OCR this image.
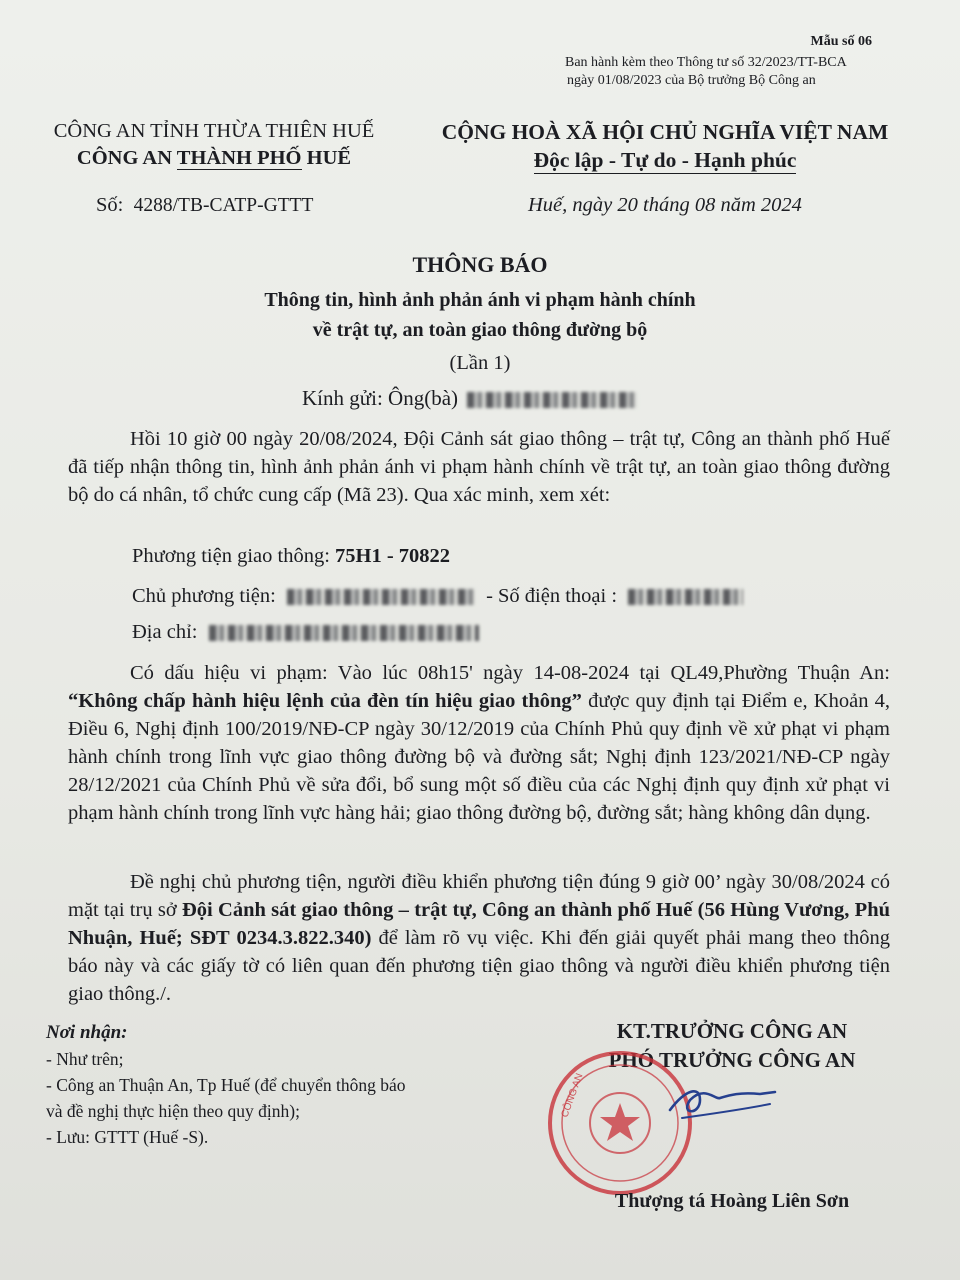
Mẫu số 06
Ban hành kèm theo Thông tư số 32/2023/TT-BCA
ngày 01/08/2023 của Bộ trưởng Bộ Công an
CÔNG AN TỈNH THỪA THIÊN HUẾ
CÔNG AN THÀNH PHỐ HUẾ
CỘNG HOÀ XÃ HỘI CHỦ NGHĨA VIỆT NAM
Độc lập - Tự do - Hạnh phúc
Số: 4288/TB-CATP-GTTT	Huế, ngày 20 tháng 08 năm 2024
THÔNG BÁO
Thông tin, hình ảnh phản ánh vi phạm hành chính
về trật tự, an toàn giao thông đường bộ
(Lần 1)
Kính gửi: Ông(bà)
Hồi 10 giờ 00 ngày 20/08/2024, Đội Cảnh sát giao thông – trật tự, Công an thành phố Huế đã tiếp nhận thông tin, hình ảnh phản ánh vi phạm hành chính về trật tự, an toàn giao thông đường bộ do cá nhân, tổ chức cung cấp (Mã 23). Qua xác minh, xem xét:
Phương tiện giao thông: 75H1 - 70822
Chủ phương tiện:	- Số điện thoại :
Địa chỉ:
Có dấu hiệu vi phạm: Vào lúc 08h15' ngày 14-08-2024 tại QL49,Phường Thuận An: “Không chấp hành hiệu lệnh của đèn tín hiệu giao thông” được quy định tại Điểm e, Khoản 4, Điều 6, Nghị định 100/2019/NĐ-CP ngày 30/12/2019 của Chính Phủ quy định về xử phạt vi phạm hành chính trong lĩnh vực giao thông đường bộ và đường sắt; Nghị định 123/2021/NĐ-CP ngày 28/12/2021 của Chính Phủ về sửa đổi, bổ sung một số điều của các Nghị định quy định xử phạt vi phạm hành chính trong lĩnh vực hàng hải; giao thông đường bộ, đường sắt; hàng không dân dụng.
Đề nghị chủ phương tiện, người điều khiển phương tiện đúng 9 giờ 00’ ngày 30/08/2024 có mặt tại trụ sở Đội Cảnh sát giao thông – trật tự, Công an thành phố Huế (56 Hùng Vương, Phú Nhuận, Huế; SĐT 0234.3.822.340) để làm rõ vụ việc. Khi đến giải quyết phải mang theo thông báo này và các giấy tờ có liên quan đến phương tiện giao thông và người điều khiển phương tiện giao thông./.
Nơi nhận:
- Như trên;
- Công an Thuận An, Tp Huế (để chuyển thông báo
và đề nghị thực hiện theo quy định);
- Lưu: GTTT (Huế -S).
KT.TRƯỞNG CÔNG AN
PHÓ TRƯỞNG CÔNG AN
CÔNG AN
Thượng tá Hoàng Liên Sơn
